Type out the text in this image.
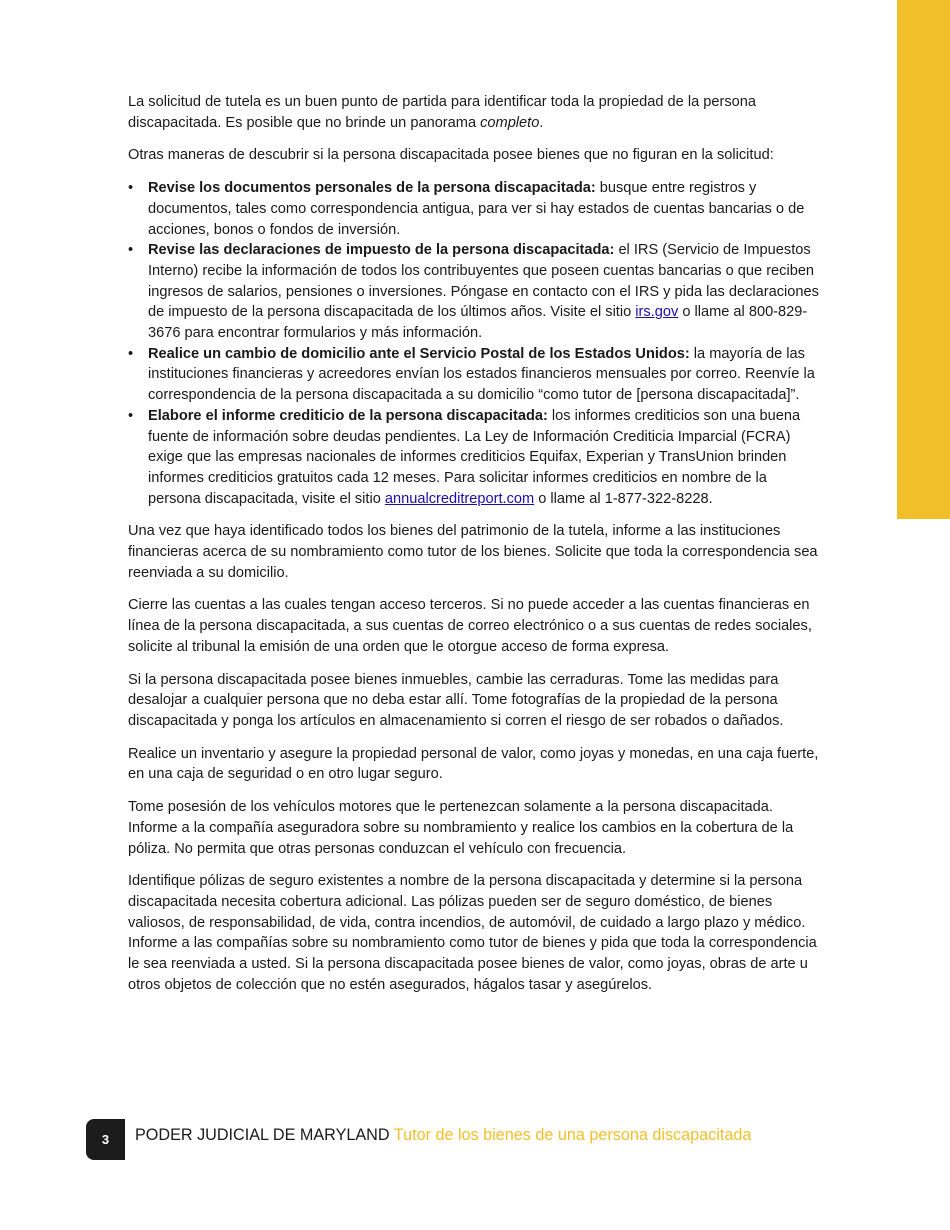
La solicitud de tutela es un buen punto de partida para identificar toda la propiedad de la persona discapacitada. Es posible que no brinde un panorama completo.

Otras maneras de descubrir si la persona discapacitada posee bienes que no figuran en la solicitud:

• Revise los documentos personales de la persona discapacitada: busque entre registros y documentos, tales como correspondencia antigua, para ver si hay estados de cuentas bancarias o de acciones, bonos o fondos de inversión.
• Revise las declaraciones de impuesto de la persona discapacitada: el IRS (Servicio de Impuestos Interno) recibe la información de todos los contribuyentes que poseen cuentas bancarias o que reciben ingresos de salarios, pensiones o inversiones. Póngase en contacto con el IRS y pida las declaraciones de impuesto de la persona discapacitada de los últimos años. Visite el sitio irs.gov o llame al 800-829-3676 para encontrar formularios y más información.
• Realice un cambio de domicilio ante el Servicio Postal de los Estados Unidos: la mayoría de las instituciones financieras y acreedores envían los estados financieros mensuales por correo. Reenvíe la correspondencia de la persona discapacitada a su domicilio “como tutor de [persona discapacitada]”.
• Elabore el informe crediticio de la persona discapacitada: los informes crediticios son una buena fuente de información sobre deudas pendientes. La Ley de Información Crediticia Imparcial (FCRA) exige que las empresas nacionales de informes crediticios Equifax, Experian y TransUnion brinden informes crediticios gratuitos cada 12 meses. Para solicitar informes crediticios en nombre de la persona discapacitada, visite el sitio annualcreditreport.com o llame al 1-877-322-8228.

Una vez que haya identificado todos los bienes del patrimonio de la tutela, informe a las instituciones financieras acerca de su nombramiento como tutor de los bienes. Solicite que toda la correspondencia sea reenviada a su domicilio.

Cierre las cuentas a las cuales tengan acceso terceros. Si no puede acceder a las cuentas financieras en línea de la persona discapacitada, a sus cuentas de correo electrónico o a sus cuentas de redes sociales, solicite al tribunal la emisión de una orden que le otorgue acceso de forma expresa.

Si la persona discapacitada posee bienes inmuebles, cambie las cerraduras. Tome las medidas para desalojar a cualquier persona que no deba estar allí. Tome fotografías de la propiedad de la persona discapacitada y ponga los artículos en almacenamiento si corren el riesgo de ser robados o dañados.

Realice un inventario y asegure la propiedad personal de valor, como joyas y monedas, en una caja fuerte, en una caja de seguridad o en otro lugar seguro.

Tome posesión de los vehículos motores que le pertenezcan solamente a la persona discapacitada. Informe a la compañía aseguradora sobre su nombramiento y realice los cambios en la cobertura de la póliza. No permita que otras personas conduzcan el vehículo con frecuencia.

Identifique pólizas de seguro existentes a nombre de la persona discapacitada y determine si la persona discapacitada necesita cobertura adicional. Las pólizas pueden ser de seguro doméstico, de bienes valiosos, de responsabilidad, de vida, contra incendios, de automóvil, de cuidado a largo plazo y médico. Informe a las compañías sobre su nombramiento como tutor de bienes y pida que toda la correspondencia le sea reenviada a usted. Si la persona discapacitada posee bienes de valor, como joyas, obras de arte u otros objetos de colección que no estén asegurados, hágalos tasar y asegúrelos.

3 PODER JUDICIAL DE MARYLAND Tutor de los bienes de una persona discapacitada
